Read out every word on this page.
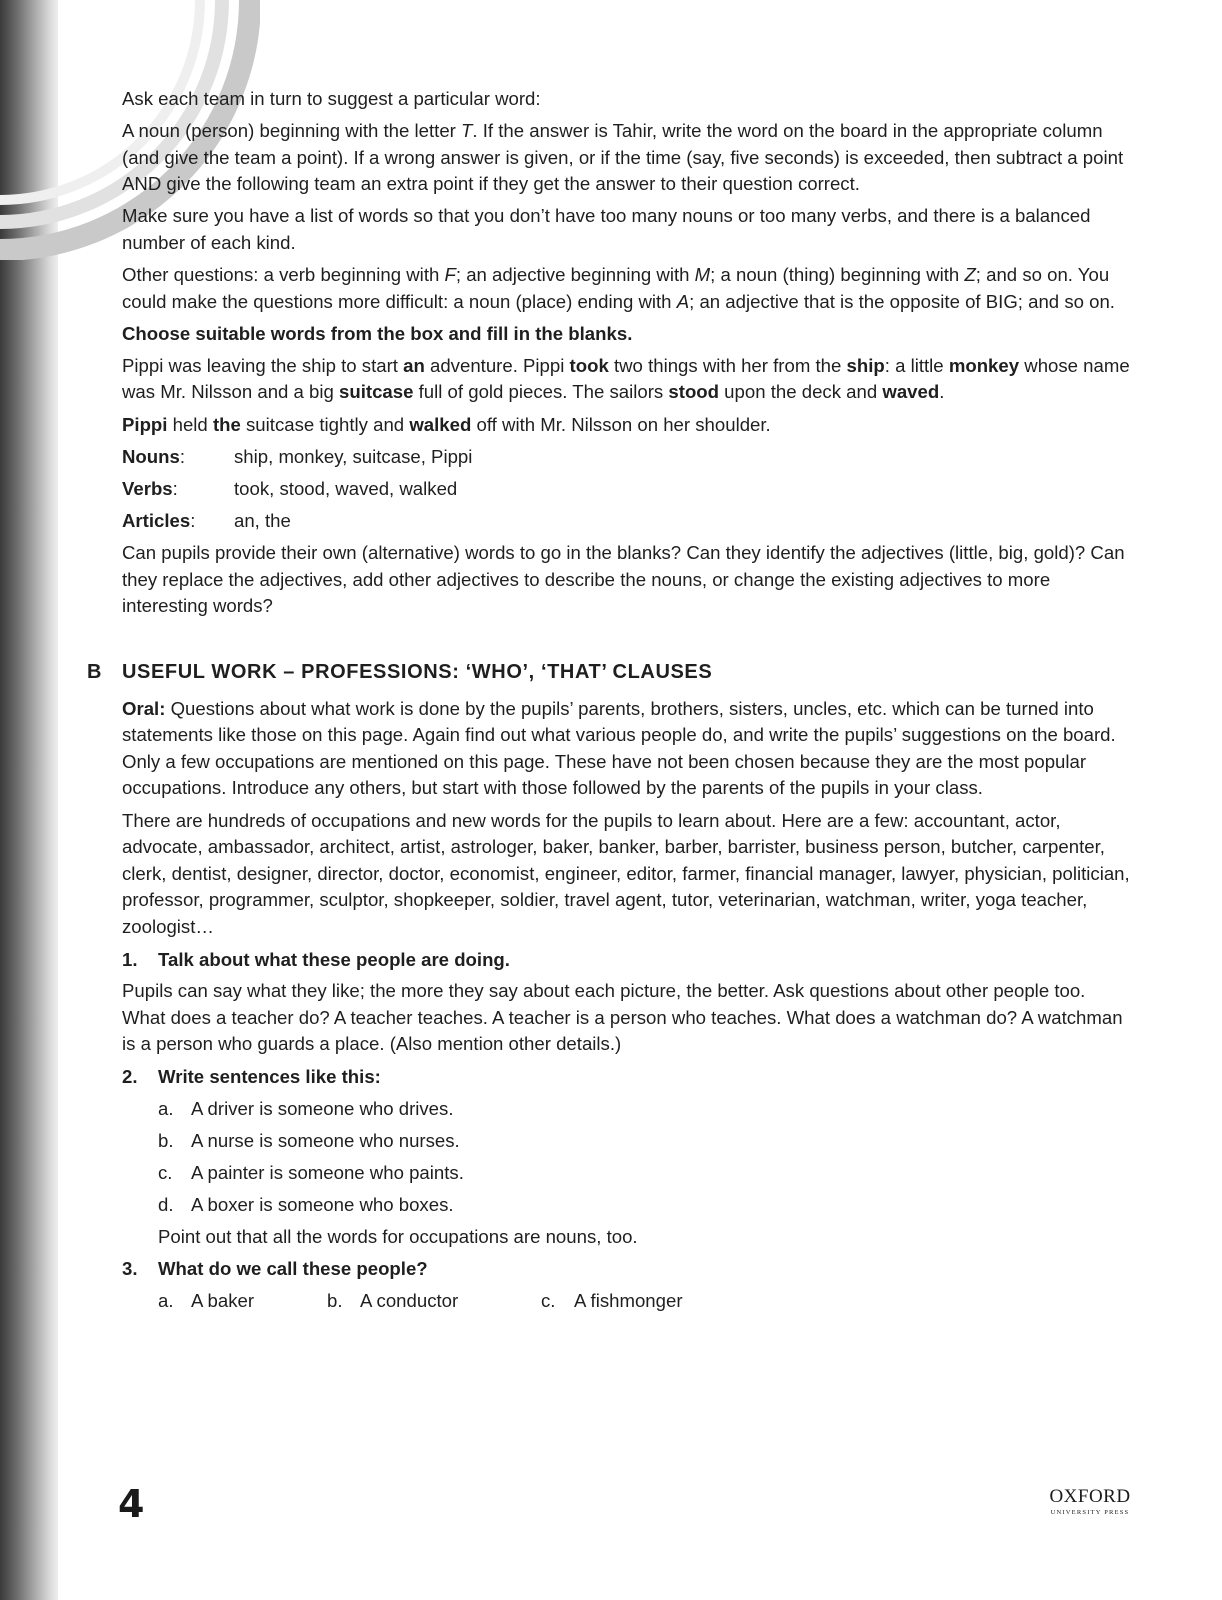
Ask each team in turn to suggest a particular word:

A noun (person) beginning with the letter T. If the answer is Tahir, write the word on the board in the appropriate column (and give the team a point). If a wrong answer is given, or if the time (say, five seconds) is exceeded, then subtract a point AND give the following team an extra point if they get the answer to their question correct.

Make sure you have a list of words so that you don’t have too many nouns or too many verbs, and there is a balanced number of each kind.

Other questions: a verb beginning with F; an adjective beginning with M; a noun (thing) beginning with Z; and so on. You could make the questions more difficult: a noun (place) ending with A; an adjective that is the opposite of BIG; and so on.

Choose suitable words from the box and fill in the blanks.

Pippi was leaving the ship to start an adventure. Pippi took two things with her from the ship: a little monkey whose name was Mr. Nilsson and a big suitcase full of gold pieces. The sailors stood upon the deck and waved.

Pippi held the suitcase tightly and walked off with Mr. Nilsson on her shoulder.

Nouns:	ship, monkey, suitcase, Pippi
Verbs:	took, stood, waved, walked
Articles:	an, the

Can pupils provide their own (alternative) words to go in the blanks? Can they identify the adjectives (little, big, gold)? Can they replace the adjectives, add other adjectives to describe the nouns, or change the existing adjectives to more interesting words?

B USEFUL WORK – PROFESSIONS: ‘WHO’, ‘THAT’ CLAUSES

Oral: Questions about what work is done by the pupils’ parents, brothers, sisters, uncles, etc. which can be turned into statements like those on this page. Again find out what various people do, and write the pupils’ suggestions on the board. Only a few occupations are mentioned on this page. These have not been chosen because they are the most popular occupations. Introduce any others, but start with those followed by the parents of the pupils in your class.

There are hundreds of occupations and new words for the pupils to learn about. Here are a few: accountant, actor, advocate, ambassador, architect, artist, astrologer, baker, banker, barber, barrister, business person, butcher, carpenter, clerk, dentist, designer, director, doctor, economist, engineer, editor, farmer, financial manager, lawyer, physician, politician, professor, programmer, sculptor, shopkeeper, soldier, travel agent, tutor, veterinarian, watchman, writer, yoga teacher, zoologist…

1.	Talk about what these people are doing.

Pupils can say what they like; the more they say about each picture, the better. Ask questions about other people too. What does a teacher do? A teacher teaches. A teacher is a person who teaches. What does a watchman do? A watchman is a person who guards a place. (Also mention other details.)

2.	Write sentences like this:
a. A driver is someone who drives.
b. A nurse is someone who nurses.
c. A painter is someone who paints.
d. A boxer is someone who boxes.

Point out that all the words for occupations are nouns, too.

3.	What do we call these people?
a. A baker	b. A conductor	c. A fishmonger
4	OXFORD
UNIVERSITY PRESS
